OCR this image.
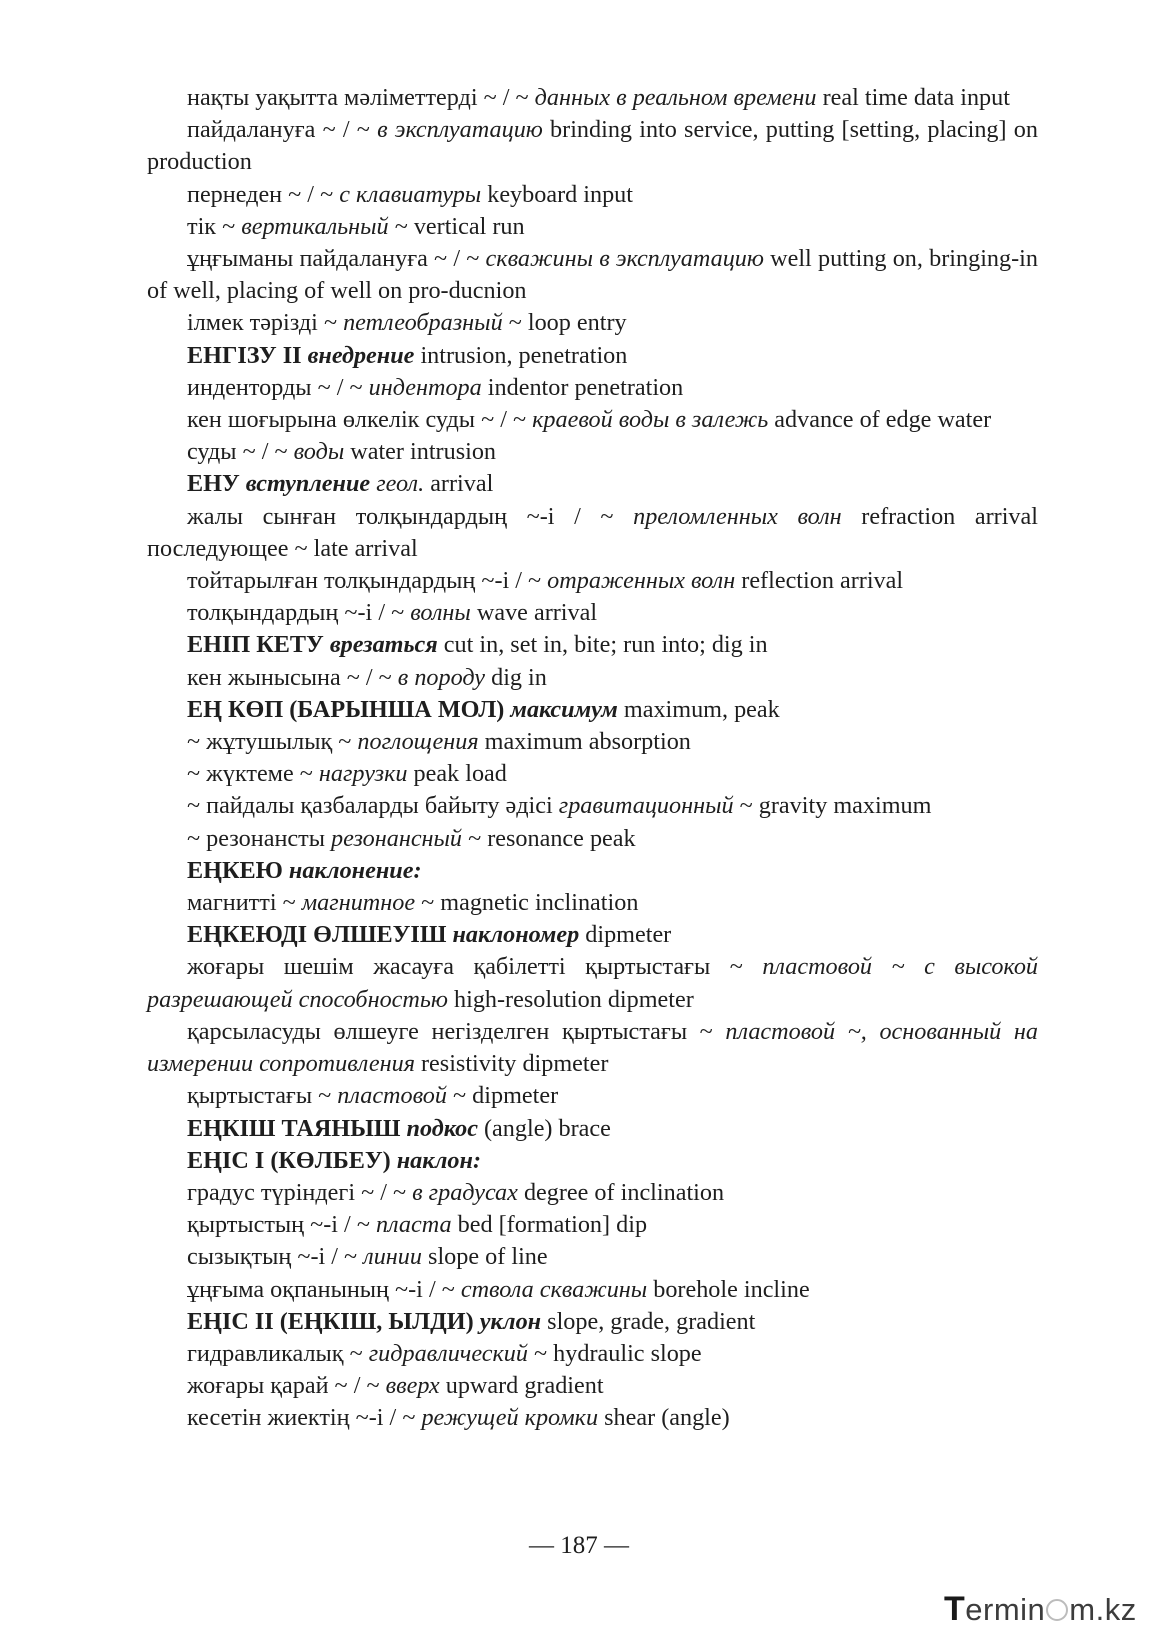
нақты уақытта мәліметтерді ~ / ~ данных в реальном времени real time data input

пайдалануға ~ / ~ в эксплуатацию brinding into service, putting [setting, placing] on production

пернеден ~ / ~ с клавиатуры keyboard input

тік ~ вертикальный ~ vertical run

ұңғыманы пайдалануға ~ / ~ скважины в эксплуатацию well putting on, bringing-in of well, placing of well on pro-ducnion

ілмек тәрізді ~ петлеобразный ~ loop entry

ЕНГІЗУ II внедрение intrusion, penetration

инденторды ~ / ~ индентора indentor penetration

кен шоғырына өлкелік суды ~ / ~ краевой воды в залежь advance of edge water

суды ~ / ~ воды water intrusion

ЕНУ вступление геол. arrival

жалы сынған толқындардың ~-і / ~ преломленных волн refraction arrival последующее ~ late arrival

тойтарылған толқындардың ~-і / ~ отраженных волн reflection arrival

толқындардың ~-і / ~ волны wave arrival

ЕНІП КЕТУ врезаться cut in, set in, bite; run into; dig in

кен жынысына ~ / ~ в породу dig in

ЕҢ КӨП (БАРЫНША МОЛ) максимум maximum, peak

~ жұтушылық ~ поглощения maximum absorption

~ жүктеме ~ нагрузки peak load

~ пайдалы қазбаларды байыту әдісі гравитационный ~ gravity maximum

~ резонансты резонансный ~ resonance peak

ЕҢКЕЮ наклонение:

магнитті ~ магнитное ~ magnetic inclination

ЕҢКЕЮДІ ӨЛШЕУІШ наклономер dipmeter

жоғары шешім жасауға қабілетті қыртыстағы ~ пластовой ~ с высокой разрешающей способностью high-resolution dipmeter

қарсыласуды өлшеуге негізделген қыртыстағы ~ пластовой ~, основанный на измерении сопротивления resistivity dipmeter

қыртыстағы ~ пластовой ~ dipmeter

ЕҢКІШ ТАЯНЫШ подкос (angle) brace

ЕҢІС І (КӨЛБЕУ) наклон:

градус түріндегі ~ / ~ в градусах degree of inclination

қыртыстың ~-і / ~ пласта bed [formation] dip

сызықтың ~-і / ~ линии slope of line

ұңғыма оқпанының ~-і / ~ ствола скважины borehole incline

ЕҢІС II (ЕҢКІШ, ЫЛДИ) уклон slope, grade, gradient

гидравликалық ~ гидравлический ~ hydraulic slope

жоғары қарай ~ / ~ вверх upward gradient

кесетін жиектің ~-і / ~ режущей кромки shear (angle)

— 187 —
Termin m.kz
